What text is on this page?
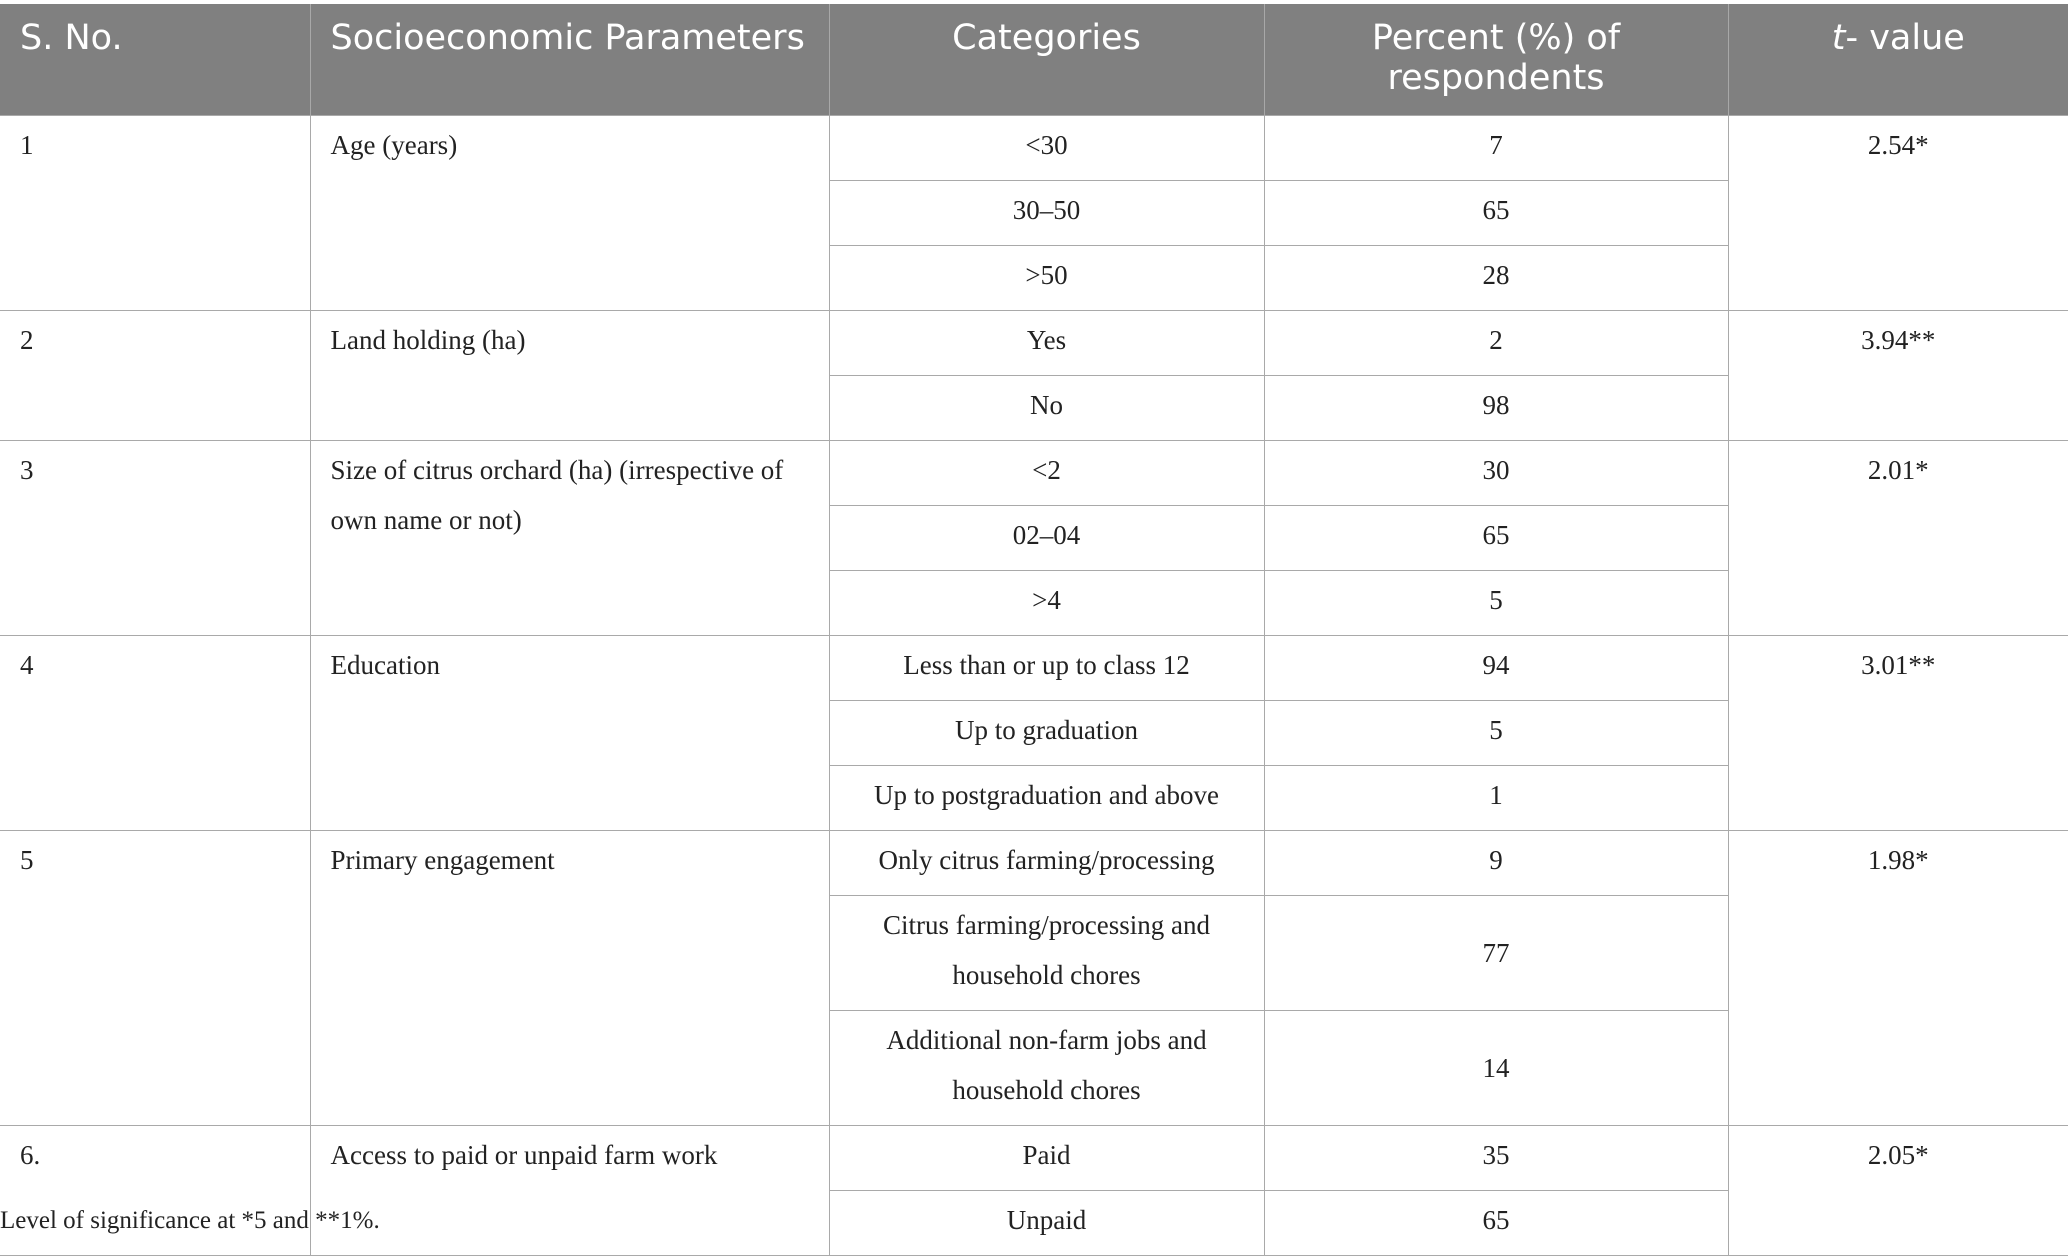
S. No.	Socioeconomic Parameters	Categories	Percent (%) of respondents	t- value
1	Age (years)	<30	7	2.54*
		30–50	65	
		>50	28	
2	Land holding (ha)	Yes	2	3.94**
		No	98	
3	Size of citrus orchard (ha) (irrespective of own name or not)	<2	30	2.01*
		02–04	65	
		>4	5	
4	Education	Less than or up to class 12	94	3.01**
		Up to graduation	5	
		Up to postgraduation and above	1	
5	Primary engagement	Only citrus farming/processing	9	1.98*
		Citrus farming/processing and household chores	77	
		Additional non-farm jobs and household chores	14	
6.	Access to paid or unpaid farm work	Paid	35	2.05*
		Unpaid	65	
Level of significance at *5 and **1%.
